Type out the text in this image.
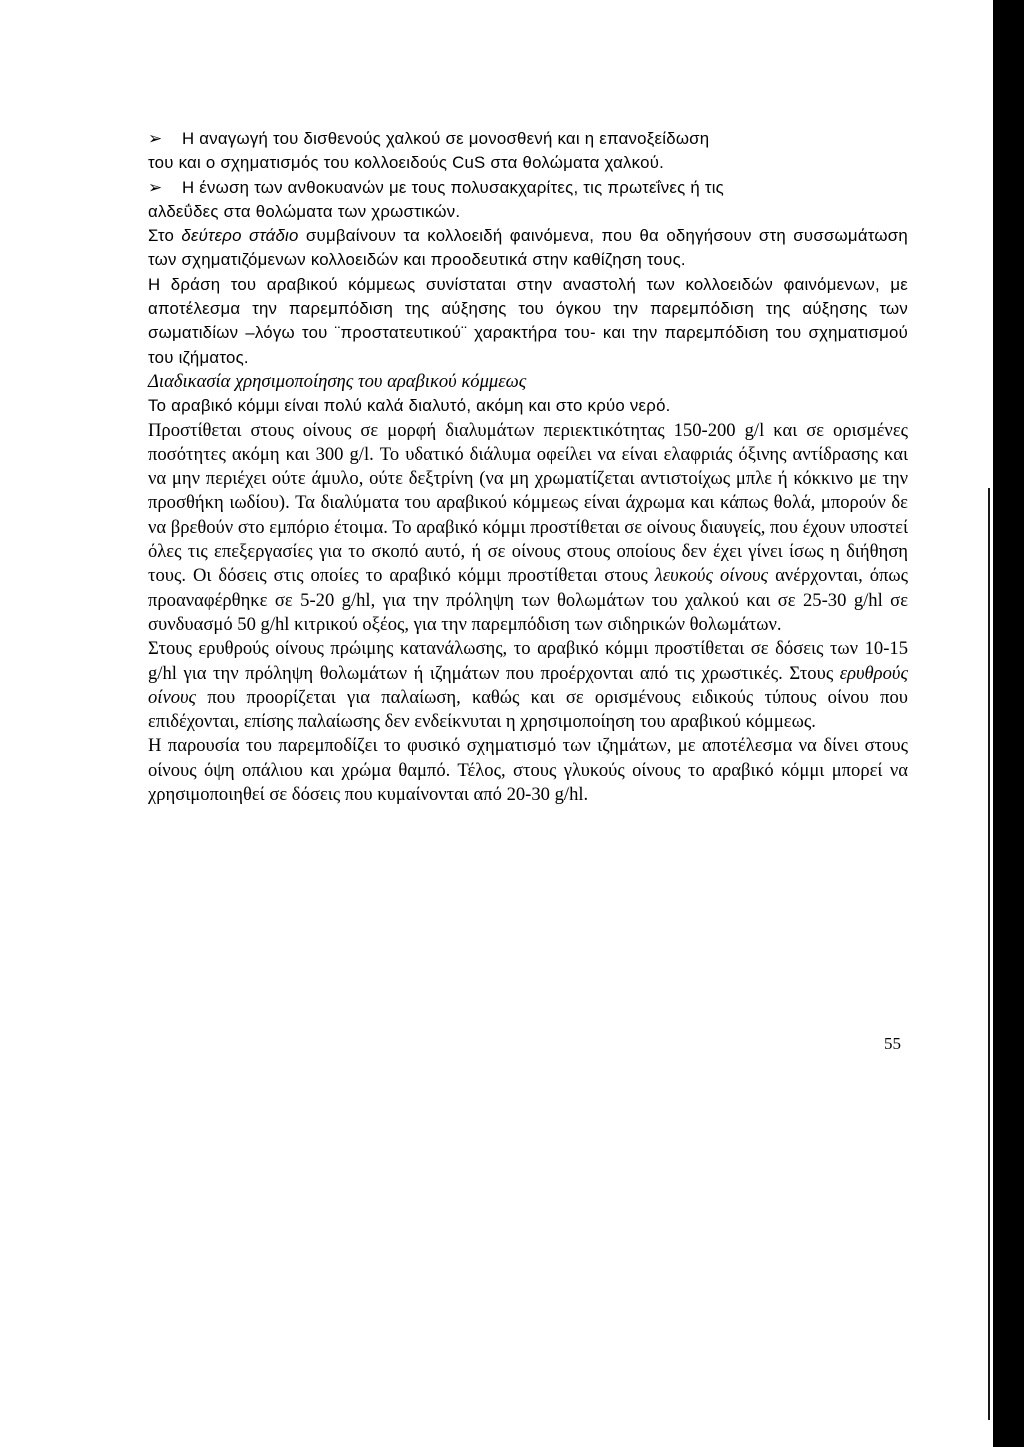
➢ Η αναγωγή του δισθενούς χαλκού σε μονοσθενή και η επανοξείδωση
του και ο σχηματισμός του κολλοειδούς CuS στα θολώματα χαλκού.

➢ Η ένωση των ανθοκυανών με τους πολυσακχαρίτες, τις πρωτεΐνες ή τις
αλδεΰδες στα θολώματα των χρωστικών.

Στο δεύτερο στάδιο συμβαίνουν τα κολλοειδή φαινόμενα, που θα οδηγήσουν στη συσσωμάτωση των σχηματιζόμενων κολλοειδών και προοδευτικά στην καθίζηση τους.

Η δράση του αραβικού κόμμεως συνίσταται στην αναστολή των κολλοειδών φαινόμενων, με αποτέλεσμα την παρεμπόδιση της αύξησης του όγκου την παρεμπόδιση της αύξησης των σωματιδίων –λόγω του ¨προστατευτικού¨ χαρακτήρα του- και την παρεμπόδιση του σχηματισμού του ιζήματος.

Διαδικασία χρησιμοποίησης του αραβικού κόμμεως

Το αραβικό κόμμι είναι πολύ καλά διαλυτό, ακόμη και στο κρύο νερό.

Προστίθεται στους οίνους σε μορφή διαλυμάτων περιεκτικότητας 150-200 g/l και σε ορισμένες ποσότητες ακόμη και 300 g/l. Το υδατικό διάλυμα οφείλει να είναι ελαφριάς όξινης αντίδρασης και να μην περιέχει ούτε άμυλο, ούτε δεξτρίνη (να μη χρωματίζεται αντιστοίχως μπλε ή κόκκινο με την προσθήκη ιωδίου). Τα διαλύματα του αραβικού κόμμεως είναι άχρωμα και κάπως θολά, μπορούν δε να βρεθούν στο εμπόριο έτοιμα. Το αραβικό κόμμι προστίθεται σε οίνους διαυγείς, που έχουν υποστεί όλες τις επεξεργασίες για το σκοπό αυτό, ή σε οίνους στους οποίους δεν έχει γίνει ίσως η διήθηση τους. Οι δόσεις στις οποίες το αραβικό κόμμι προστίθεται στους λευκούς οίνους ανέρχονται, όπως προαναφέρθηκε σε 5-20 g/hl, για την πρόληψη των θολωμάτων του χαλκού και σε 25-30 g/hl σε συνδυασμό 50 g/hl κιτρικού οξέος, για την παρεμπόδιση των σιδηρικών θολωμάτων.

Στους ερυθρούς οίνους πρώιμης κατανάλωσης, το αραβικό κόμμι προστίθεται σε δόσεις των 10-15 g/hl για την πρόληψη θολωμάτων ή ιζημάτων που προέρχονται από τις χρωστικές. Στους ερυθρούς οίνους που προορίζεται για παλαίωση, καθώς και σε ορισμένους ειδικούς τύπους οίνου που επιδέχονται, επίσης παλαίωσης δεν ενδείκνυται η χρησιμοποίηση του αραβικού κόμμεως.

Η παρουσία του παρεμποδίζει το φυσικό σχηματισμό των ιζημάτων, με αποτέλεσμα να δίνει στους οίνους όψη οπάλιου και χρώμα θαμπό. Τέλος, στους γλυκούς οίνους το αραβικό κόμμι μπορεί να χρησιμοποιηθεί σε δόσεις που κυμαίνονται από 20-30 g/hl.

55
